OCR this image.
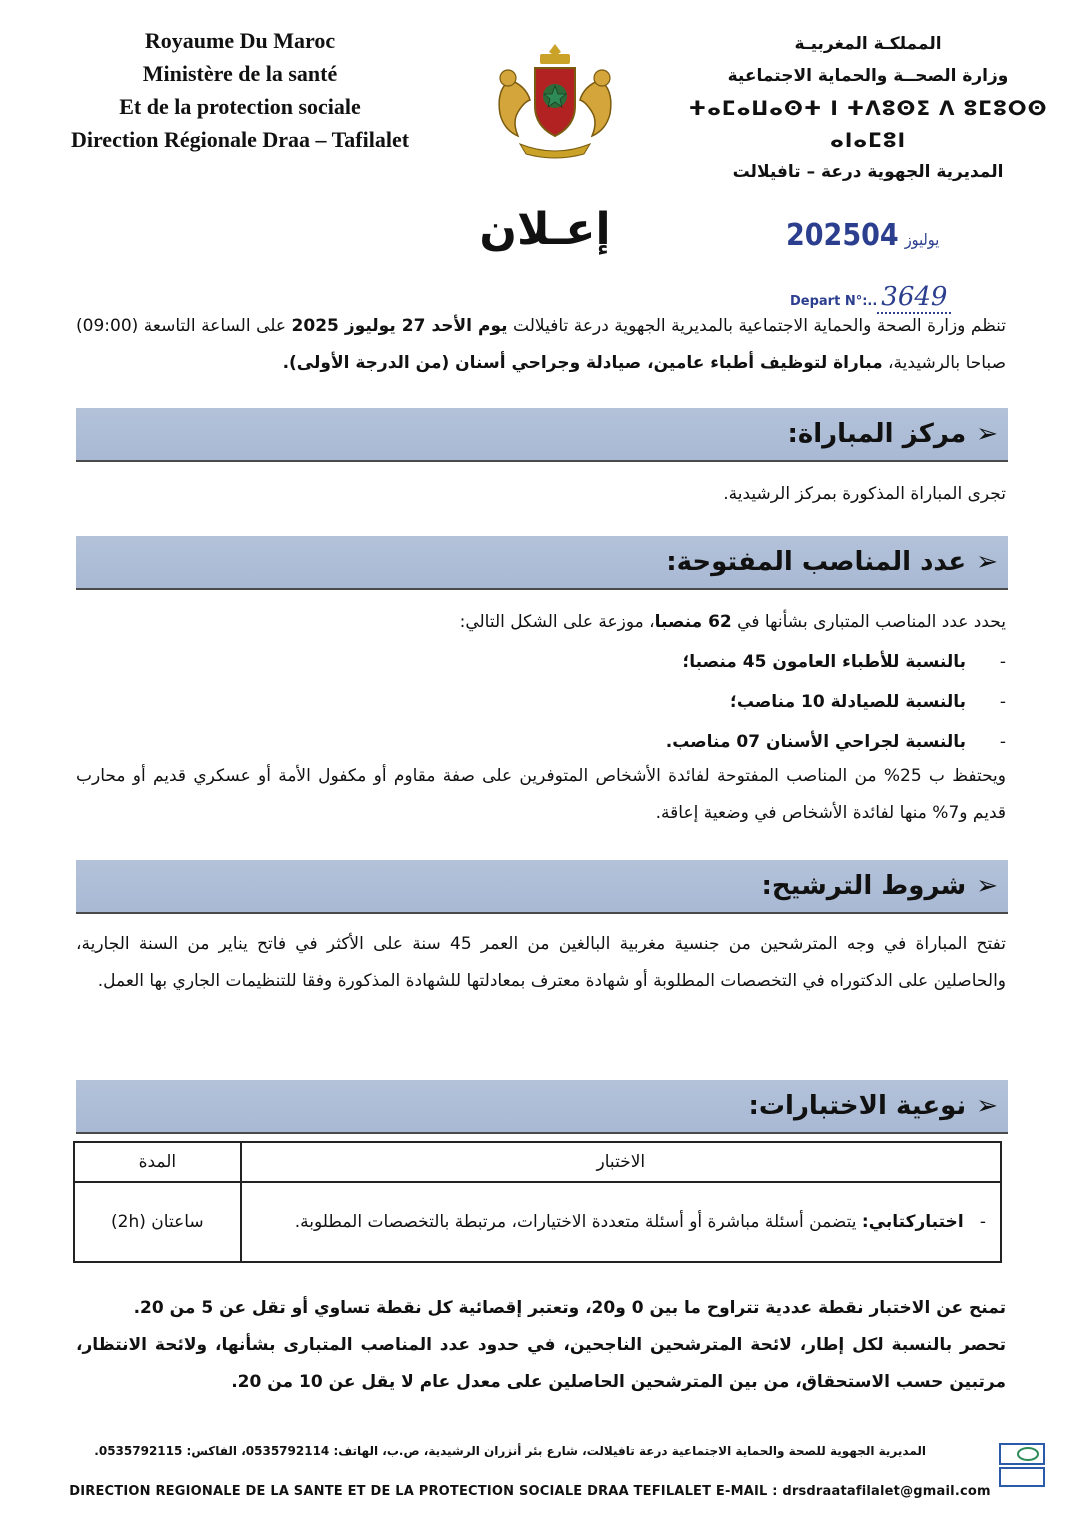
Royaume Du Maroc
Ministère de la santé
Et de la protection sociale
Direction Régionale Draa – Tafilalet
المملكـة المغربيـة
وزارة الصحــة والحماية الاجتماعية
ⵜⴰⵎⴰⵡⴰⵙⵜ ⵏ ⵜⴷⵓⵙⵉ ⴷ ⵓⵎⵓⵔⵙ ⴰⵏⴰⵎⵓⵏ
المديرية الجهوية درعة – تافيلالت
إعـلان	2025	يوليوز04
Depart N°:.. 3649
تنظم وزارة الصحة والحماية الاجتماعية بالمديرية الجهوية درعة تافيلالت يوم الأحد 27 يوليوز 2025 على الساعة التاسعة (09:00) صباحا بالرشيدية، مباراة لتوظيف أطباء عامين، صيادلة وجراحي أسنان (من الدرجة الأولى).
➢
مركز المباراة:
تجرى المباراة المذكورة بمركز الرشيدية.
➢
عدد المناصب المفتوحة:
يحدد عدد المناصب المتبارى بشأنها في 62 منصبا، موزعة على الشكل التالي:
-بالنسبة للأطباء العامون 45 منصبا؛
-بالنسبة للصيادلة 10 مناصب؛
-بالنسبة لجراحي الأسنان 07 مناصب.
ويحتفظ ب 25% من المناصب المفتوحة لفائدة الأشخاص المتوفرين على صفة مقاوم أو مكفول الأمة أو عسكري قديم أو محارب قديم و7% منها لفائدة الأشخاص في وضعية إعاقة.
➢
شروط الترشيح:
تفتح المباراة في وجه المترشحين من جنسية مغربية البالغين من العمر 45 سنة على الأكثر في فاتح يناير من السنة الجارية، والحاصلين على الدكتوراه في التخصصات المطلوبة أو شهادة معترف بمعادلتها للشهادة المذكورة وفقا للتنظيمات الجاري بها العمل.
➢
نوعية الاختبارات:
الاختبار	المدة

-   اختباركتابي: يتضمن أسئلة مباشرة أو أسئلة متعددة الاختيارات، مرتبطة بالتخصصات المطلوبة.	ساعتان (2h)
تمنح عن الاختبار نقطة عددية تتراوح ما بين 0 و20، وتعتبر إقصائية كل نقطة تساوي أو تقل عن 5 من 20.
تحصر بالنسبة لكل إطار، لائحة المترشحين الناجحين، في حدود عدد المناصب المتبارى بشأنها، ولائحة الانتظار، مرتبين حسب الاستحقاق، من بين المترشحين الحاصلين على معدل عام لا يقل عن 10 من 20.
المديرية الجهوية للصحة والحماية الاجتماعية درعة تافيلالت، شارع بئر أنزران الرشيدية، ص.ب، الهاتف: 0535792114، الفاكس: 0535792115.
DIRECTION REGIONALE DE LA SANTE ET DE LA PROTECTION SOCIALE DRAA TEFILALET E-MAIL : drsdraatafilalet@gmail.com
